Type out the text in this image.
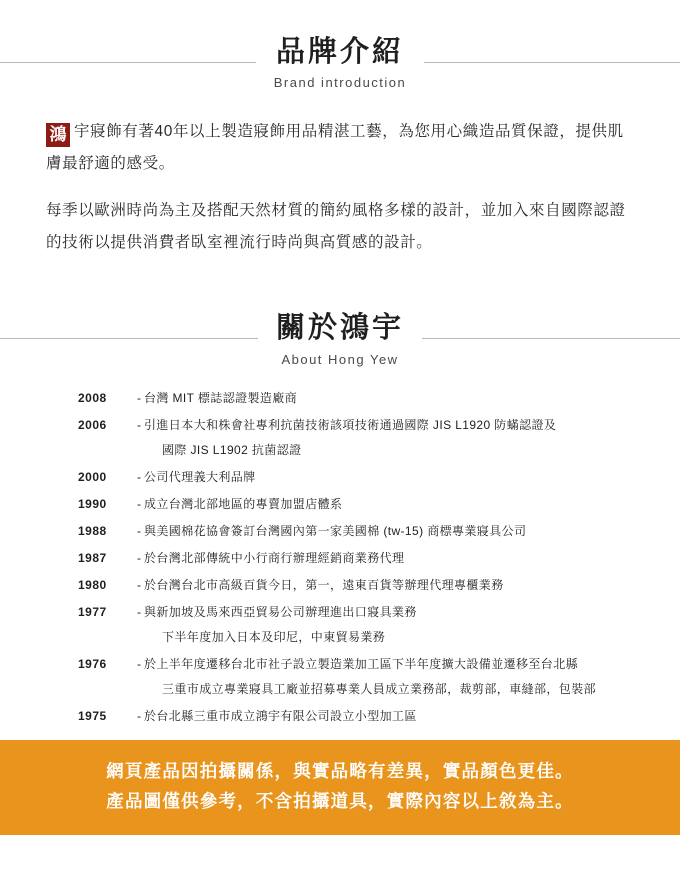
品牌介紹
Brand introduction

鴻 宇寢飾有著40年以上製造寢飾用品精湛工藝，為您用心織造品質保證，提供肌膚最舒適的感受。

每季以歐洲時尚為主及搭配天然材質的簡約風格多樣的設計，並加入來自國際認證的技術以提供消費者臥室裡流行時尚與高質感的設計。

關於鴻宇
About Hong Yew
2008	- 台灣 MIT 標誌認證製造廠商
2006	- 引進日本大和株會社專利抗菌技術該項技術通過國際 JIS L1920 防蟎認證及
國際 JIS L1902 抗菌認證
2000	- 公司代理義大利品牌
1990	- 成立台灣北部地區的專賣加盟店體系
1988	- 與美國棉花協會簽訂台灣國內第一家美國棉 (tw-15) 商標專業寢具公司
1987	- 於台灣北部傳統中小行商行辦理經銷商業務代理
1980	- 於台灣台北市高級百貨今日，第一，遠東百貨等辦理代理專櫃業務
1977	- 與新加坡及馬來西亞貿易公司辦理進出口寢具業務
下半年度加入日本及印尼，中東貿易業務
1976	- 於上半年度遷移台北市社子設立製造業加工區下半年度擴大設備並遷移至台北縣
三重市成立專業寢具工廠並招募專業人員成立業務部，裁剪部，車縫部，包裝部
1975	- 於台北縣三重市成立鴻宇有限公司設立小型加工區
網頁產品因拍攝關係，與實品略有差異，實品顏色更佳。
產品圖僅供參考，不含拍攝道具，實際內容以上敘為主。
